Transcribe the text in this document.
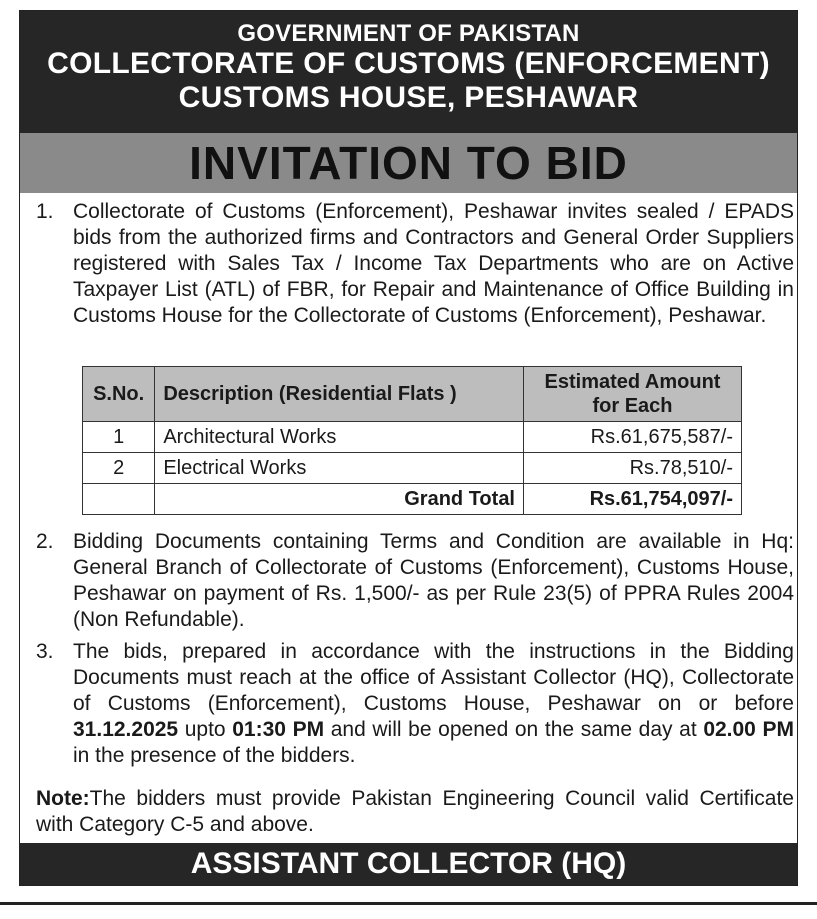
GOVERNMENT OF PAKISTAN
COLLECTORATE OF CUSTOMS (ENFORCEMENT)
CUSTOMS HOUSE, PESHAWAR
INVITATION TO BID
1. Collectorate of Customs (Enforcement), Peshawar invites sealed / EPADS bids from the authorized firms and Contractors and General Order Suppliers registered with Sales Tax / Income Tax Departments who are on Active Taxpayer List (ATL) of FBR, for Repair and Maintenance of Office Building in Customs House for the Collectorate of Customs (Enforcement), Peshawar.
S.No.	Description (Residential Flats )	Estimated Amount for Each
1	Architectural Works	Rs.61,675,587/-
2	Electrical Works	Rs.78,510/-
	Grand Total	Rs.61,754,097/-
2. Bidding Documents containing Terms and Condition are available in Hq: General Branch of Collectorate of Customs (Enforcement), Customs House, Peshawar on payment of Rs. 1,500/- as per Rule 23(5) of PPRA Rules 2004 (Non Refundable).
3. The bids, prepared in accordance with the instructions in the Bidding Documents must reach at the office of Assistant Collector (HQ), Collectorate of Customs (Enforcement), Customs House, Peshawar on or before 31.12.2025 upto 01:30 PM and will be opened on the same day at 02.00 PM in the presence of the bidders.
Note:The bidders must provide Pakistan Engineering Council valid Certificate with Category C-5 and above.
ASSISTANT COLLECTOR (HQ)
